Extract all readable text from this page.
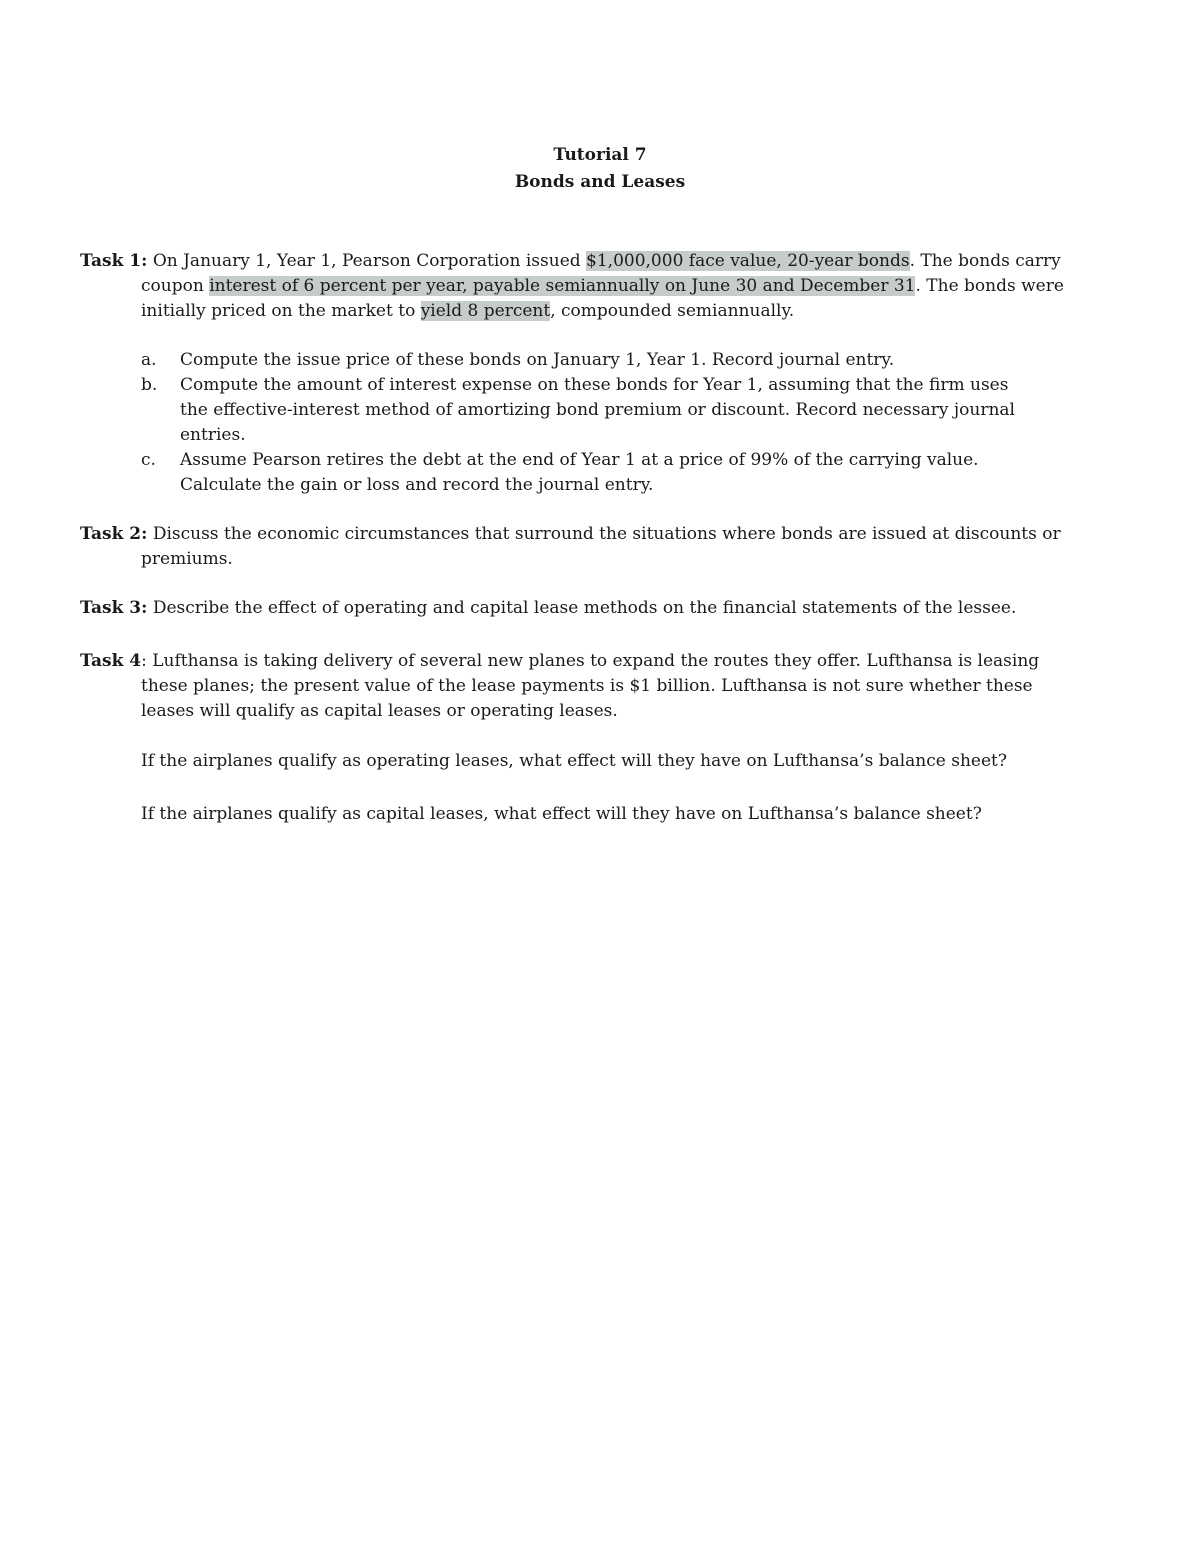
Tutorial 7
Bonds and Leases

Task 1: On January 1, Year 1, Pearson Corporation issued $1,000,000 face value, 20-year bonds. The bonds carry coupon interest of 6 percent per year, payable semiannually on June 30 and December 31. The bonds were initially priced on the market to yield 8 percent, compounded semiannually.

a. Compute the issue price of these bonds on January 1, Year 1. Record journal entry.
b. Compute the amount of interest expense on these bonds for Year 1, assuming that the firm uses the effective-interest method of amortizing bond premium or discount. Record necessary journal entries.
c. Assume Pearson retires the debt at the end of Year 1 at a price of 99% of the carrying value. Calculate the gain or loss and record the journal entry.

Task 2: Discuss the economic circumstances that surround the situations where bonds are issued at discounts or premiums.

Task 3: Describe the effect of operating and capital lease methods on the financial statements of the lessee.

Task 4: Lufthansa is taking delivery of several new planes to expand the routes they offer. Lufthansa is leasing these planes; the present value of the lease payments is $1 billion. Lufthansa is not sure whether these leases will qualify as capital leases or operating leases.

If the airplanes qualify as operating leases, what effect will they have on Lufthansa’s balance sheet?

If the airplanes qualify as capital leases, what effect will they have on Lufthansa’s balance sheet?
